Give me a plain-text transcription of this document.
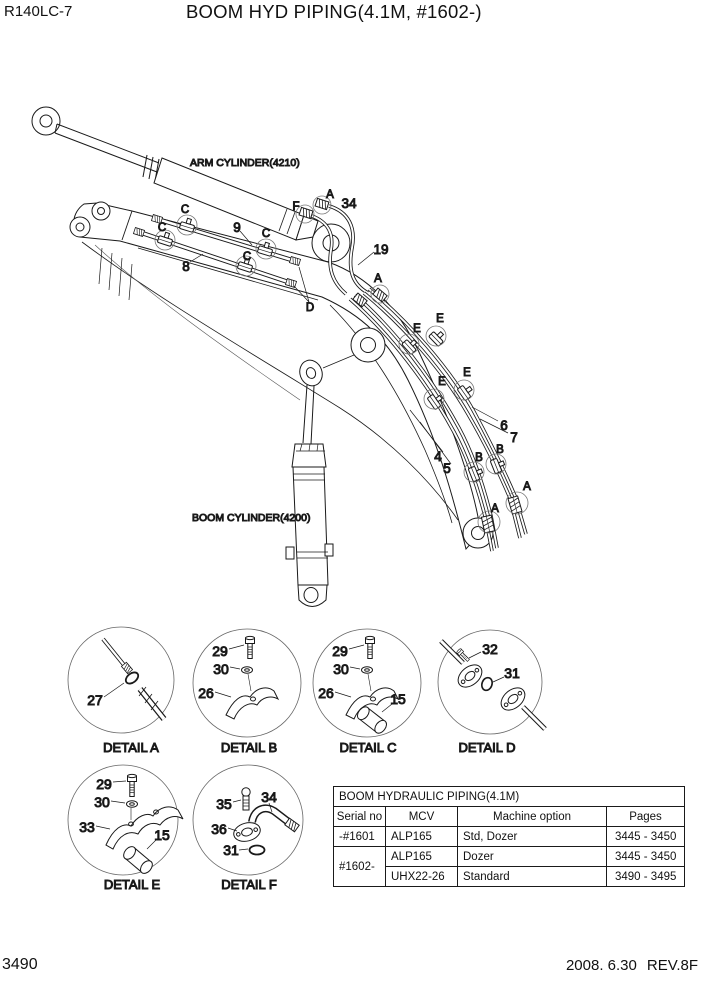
R140LC-7	BOOM HYD PIPING(4.1M, #1602-)
ARM CYLINDER(4210)
BOOM CYLINDER(4200)
8
9
19
34
4
5
6
7
A
A
A
A
B
B
C
C	C
C
D
E
E
E
E
F
27
DETAIL A
29
30
26
DETAIL B
29
30
26	15
DETAIL C
32
31
DETAIL D
29
30
33	15
DETAIL E
35 34
36
31
DETAIL F
BOOM HYDRAULIC PIPING(4.1M)			
Serial no	MCV	Machine option	Pages
-#1601	ALP165	Std, Dozer	3445 - 3450
#1602-	ALP165	Dozer	3445 - 3450
	UHX22-26	Standard	3490 - 3495
3490	2008. 6.30 REV.8F
